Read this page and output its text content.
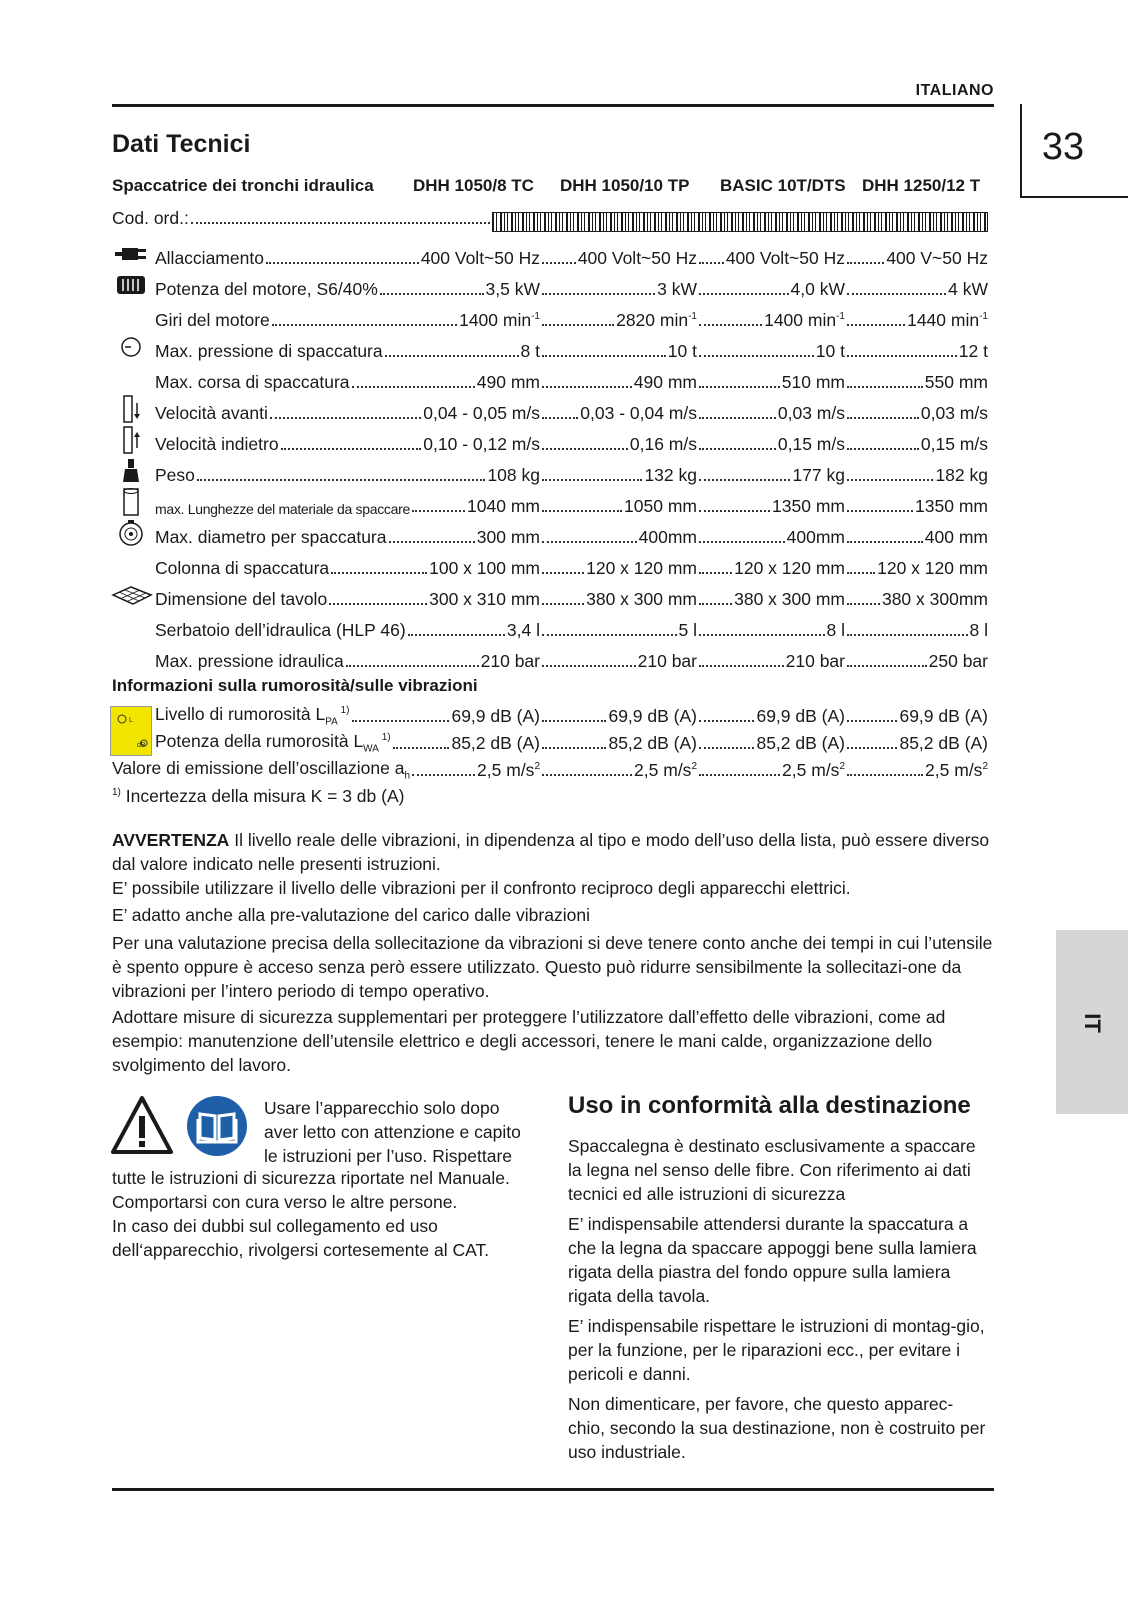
ITALIANO
33
Dati Tecnici
Spaccatrice dei tronchi idraulica DHH 1050/8 TC DHH 1050/10 TP BASIC 10T/DTS DHH 1250/12 T
Cod. ord.:
Allacciamento	400 Volt~50 Hz 400 Volt~50 Hz 400 Volt~50 Hz 400 V~50 Hz
Potenza del motore, S6/40%	3,5 kW	3 kW	4,0 kW	4 kW
Giri del motore	1400 $\min^{-1}$	2820 $\min^{-1}$	1400 $\min^{-1}$	1440 $\min^{-1}$
Max. pressione di spaccatura	8 t	10 t	10 t	12 t
Max. corsa di spaccatura	490 mm	490 mm	510 mm	550 mm
Velocità avanti	0,04 - 0,05 m/s 0,03 - 0,04 m/s	0,03 m/s	0,03 m/s
Velocità indietro	0,10 - 0,12 m/s	0,16 m/s	0,15 m/s	0,15 m/s
Peso	108 kg	132 kg	177 kg	182 kg
max. Lunghezze del materiale da spaccare	1040 mm	1050 mm	1350 mm	1350 mm
Max. diametro per spaccatura	300 mm	400mm	400mm	400 mm
Colonna di spaccatura	100 x 100 mm	120 x 120 mm 120 x 120 mm 120 x 120 mm
Dimensione del tavolo	300 x 310 mm	380 x 300 mm 380 x 300 mm 380 x 300mm
Serbatoio dell’idraulica (HLP 46)	3,4 l	5 l	8 l	8 l
Max. pressione idraulica	210 bar	210 bar	210 bar	250 bar
Informazioni sulla rumorosità/sulle vibrazioni
L
dB
Livello di rumorosità $L_{PA}$ $^{1)}$	69,9 dB (A)	69,9 dB (A)	69,9 dB (A)	69,9 dB (A)
Potenza della rumorosità $L_{WA}$ $^{1)}$	85,2 dB (A)	85,2 dB (A)	85,2 dB (A)	85,2 dB (A)
Valore di emissione dell’oscillazione $a_h$	2,5 $m/s^2$	2,5 $m/s^2$	2,5 $m/s^2$	2,5 $m/s^2$
$^{1)}$ Incertezza della misura K = 3 db (A)
AVVERTENZA Il livello reale delle vibrazioni, in dipendenza al tipo e modo dell’uso della lista, può essere diverso dal valore indicato nelle presenti istruzioni.
E’ possibile utilizzare il livello delle vibrazioni per il confronto reciproco degli apparecchi elettrici.
E’ adatto anche alla pre-valutazione del carico dalle vibrazioni
Per una valutazione precisa della sollecitazione da vibrazioni si deve tenere conto anche dei tempi in cui l’utensile è spento oppure è acceso senza però essere utilizzato. Questo può ridurre sensibilmente la sollecitazi-one da vibrazioni per l’intero periodo di tempo operativo.
Adottare misure di sicurezza supplementari per proteggere l’utilizzatore dall’effetto delle vibrazioni, come ad esempio: manutenzione dell’utensile elettrico e degli accessori, tenere le mani calde, organizzazione dello svolgimento del lavoro.
IT
Usare l’apparecchio solo dopo
aver letto con attenzione e capito
le istruzioni per l’uso. Rispettare
tutte le istruzioni di sicurezza riportate nel Manuale. Comportarsi con cura verso le altre persone.
In caso dei dubbi sul collegamento ed uso dell‘apparecchio, rivolgersi cortesemente al CAT.
Uso in conformità alla destinazione
Spaccalegna è destinato esclusivamente a spaccare la legna nel senso delle fibre. Con riferimento ai dati tecnici ed alle istruzioni di sicurezza
E’ indispensabile attendersi durante la spaccatura a che la legna da spaccare appoggi bene sulla lamiera rigata della piastra del fondo oppure sulla lamiera rigata della tavola.
E’ indispensabile rispettare le istruzioni di montag-gio, per la funzione, per le riparazioni ecc., per evitare i pericoli e danni.
Non dimenticare, per favore, che questo apparec-chio, secondo la sua destinazione, non è costruito per uso industriale.
